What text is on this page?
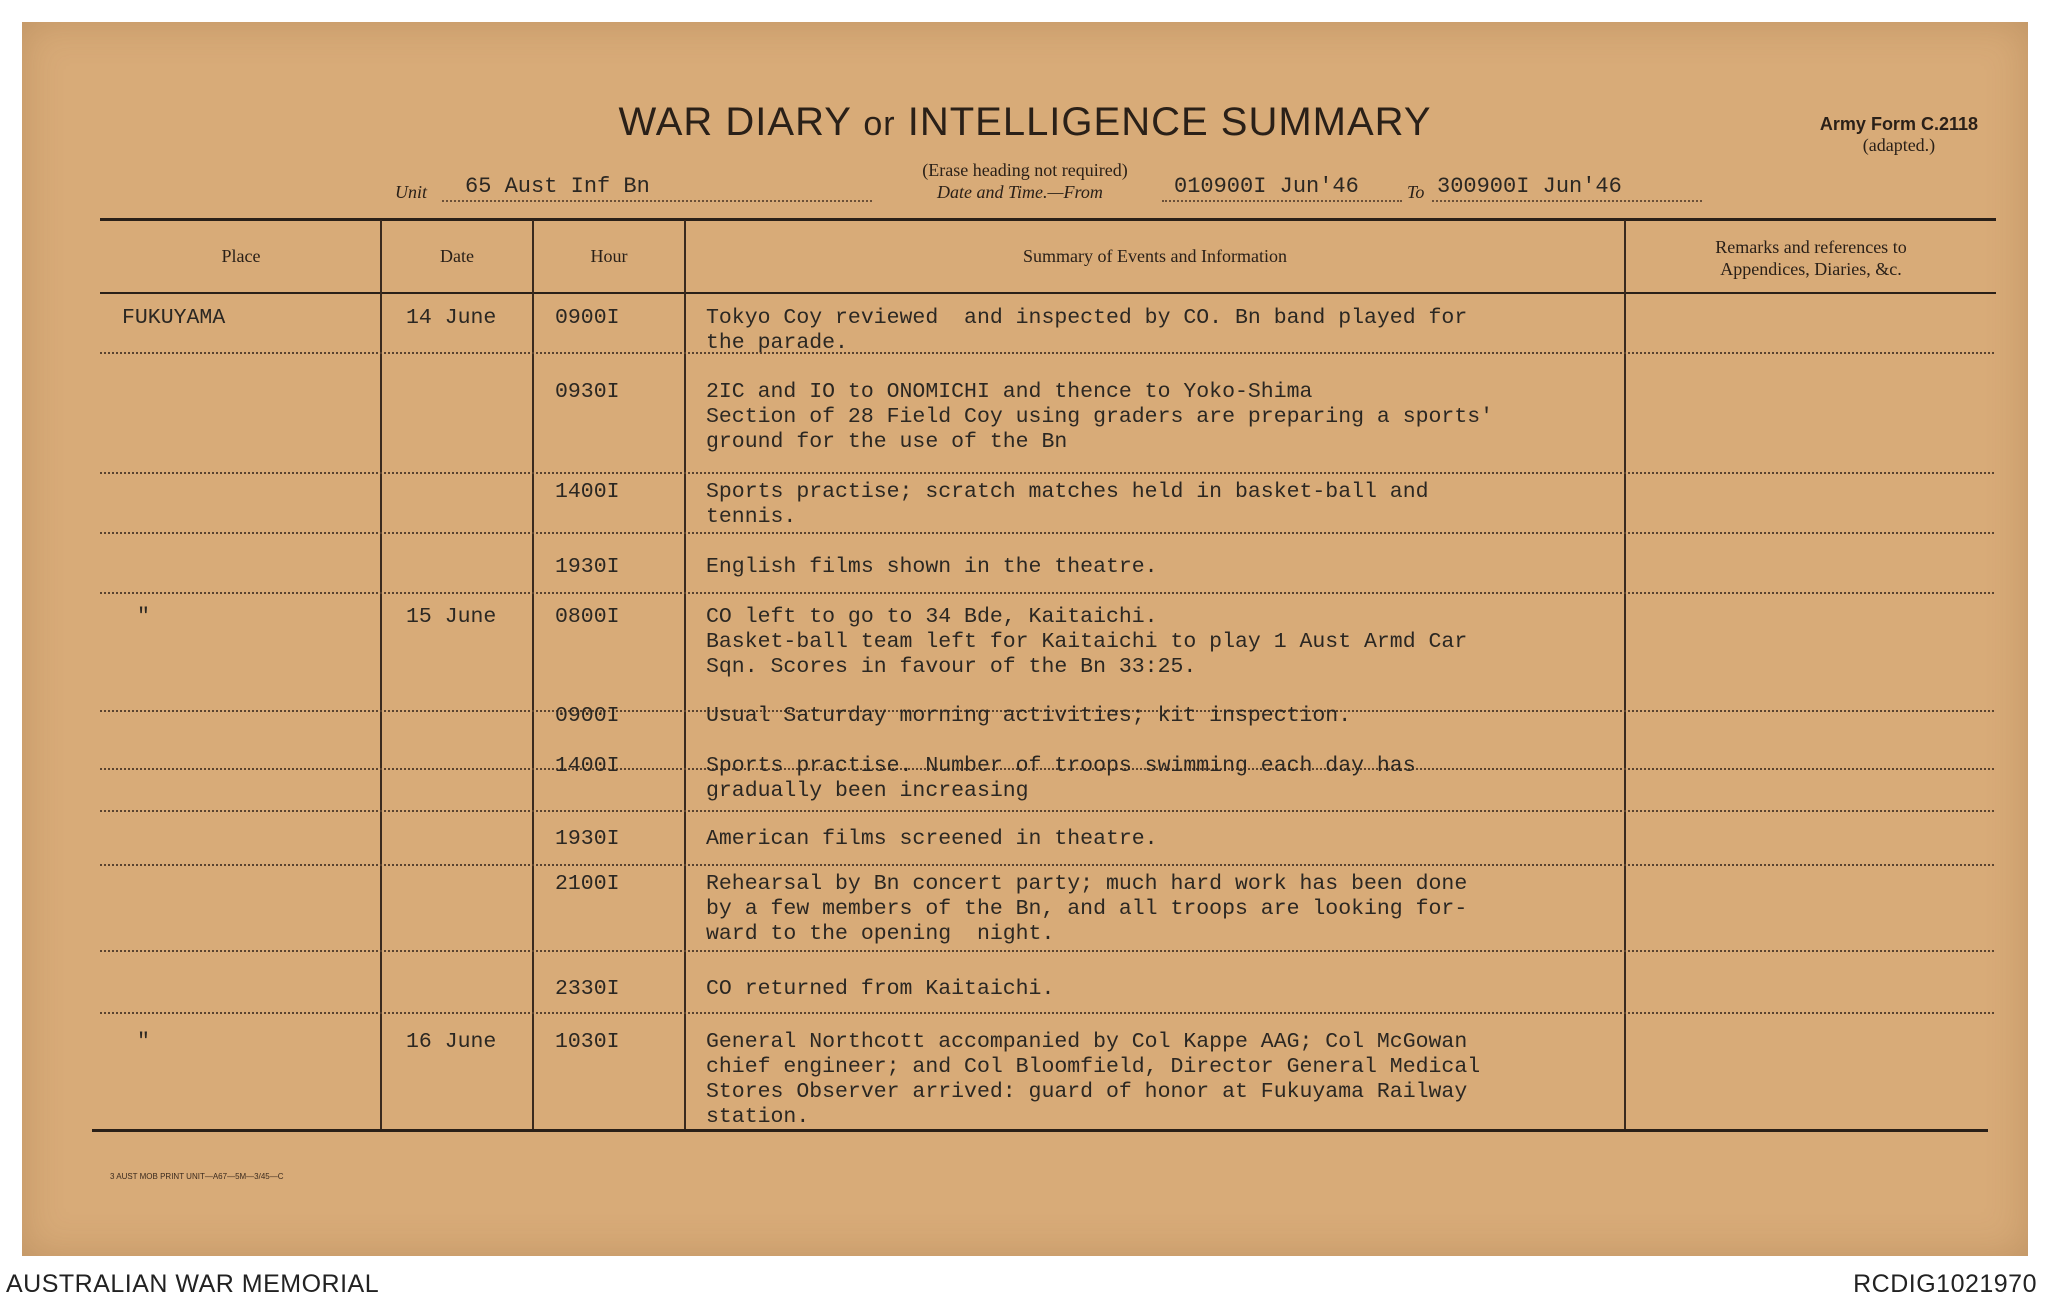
WAR DIARY or INTELLIGENCE SUMMARY
(Erase heading not required)
Army Form C.2118
(adapted.)
Unit 65 Aust Inf Bn	Date and Time.—From	010900I Jun'46	To 300900I Jun'46
Place	Date	Hour	Summary of Events and Information	Remarks and references to
Appendices, Diaries, &c.
FUKUYAMA	14 June	0900I	Tokyo Coy reviewed  and inspected by CO. Bn band played for
the parade.
0930I	2IC and IO to ONOMICHI and thence to Yoko-Shima
Section of 28 Field Coy using graders are preparing a sports'
ground for the use of the Bn
1400I	Sports practise; scratch matches held in basket-ball and
tennis.
1930I	English films shown in the theatre.
"	15 June	0800I	CO left to go to 34 Bde, Kaitaichi.
Basket-ball team left for Kaitaichi to play 1 Aust Armd Car
Sqn. Scores in favour of the Bn 33:25.
0900I	Usual Saturday morning activities; kit inspection.
1400I	Sports practise. Number of troops swimming each day has
gradually been increasing
1930I	American films screened in theatre.
2100I	Rehearsal by Bn concert party; much hard work has been done
by a few members of the Bn, and all troops are looking for-
ward to the opening  night.
2330I	CO returned from Kaitaichi.
"	16 June	1030I	General Northcott accompanied by Col Kappe AAG; Col McGowan
chief engineer; and Col Bloomfield, Director General Medical
Stores Observer arrived: guard of honor at Fukuyama Railway
station.
3 AUST MOB PRINT UNIT—A67—5M—3/45—C
AUSTRALIAN WAR MEMORIAL	RCDIG1021970
